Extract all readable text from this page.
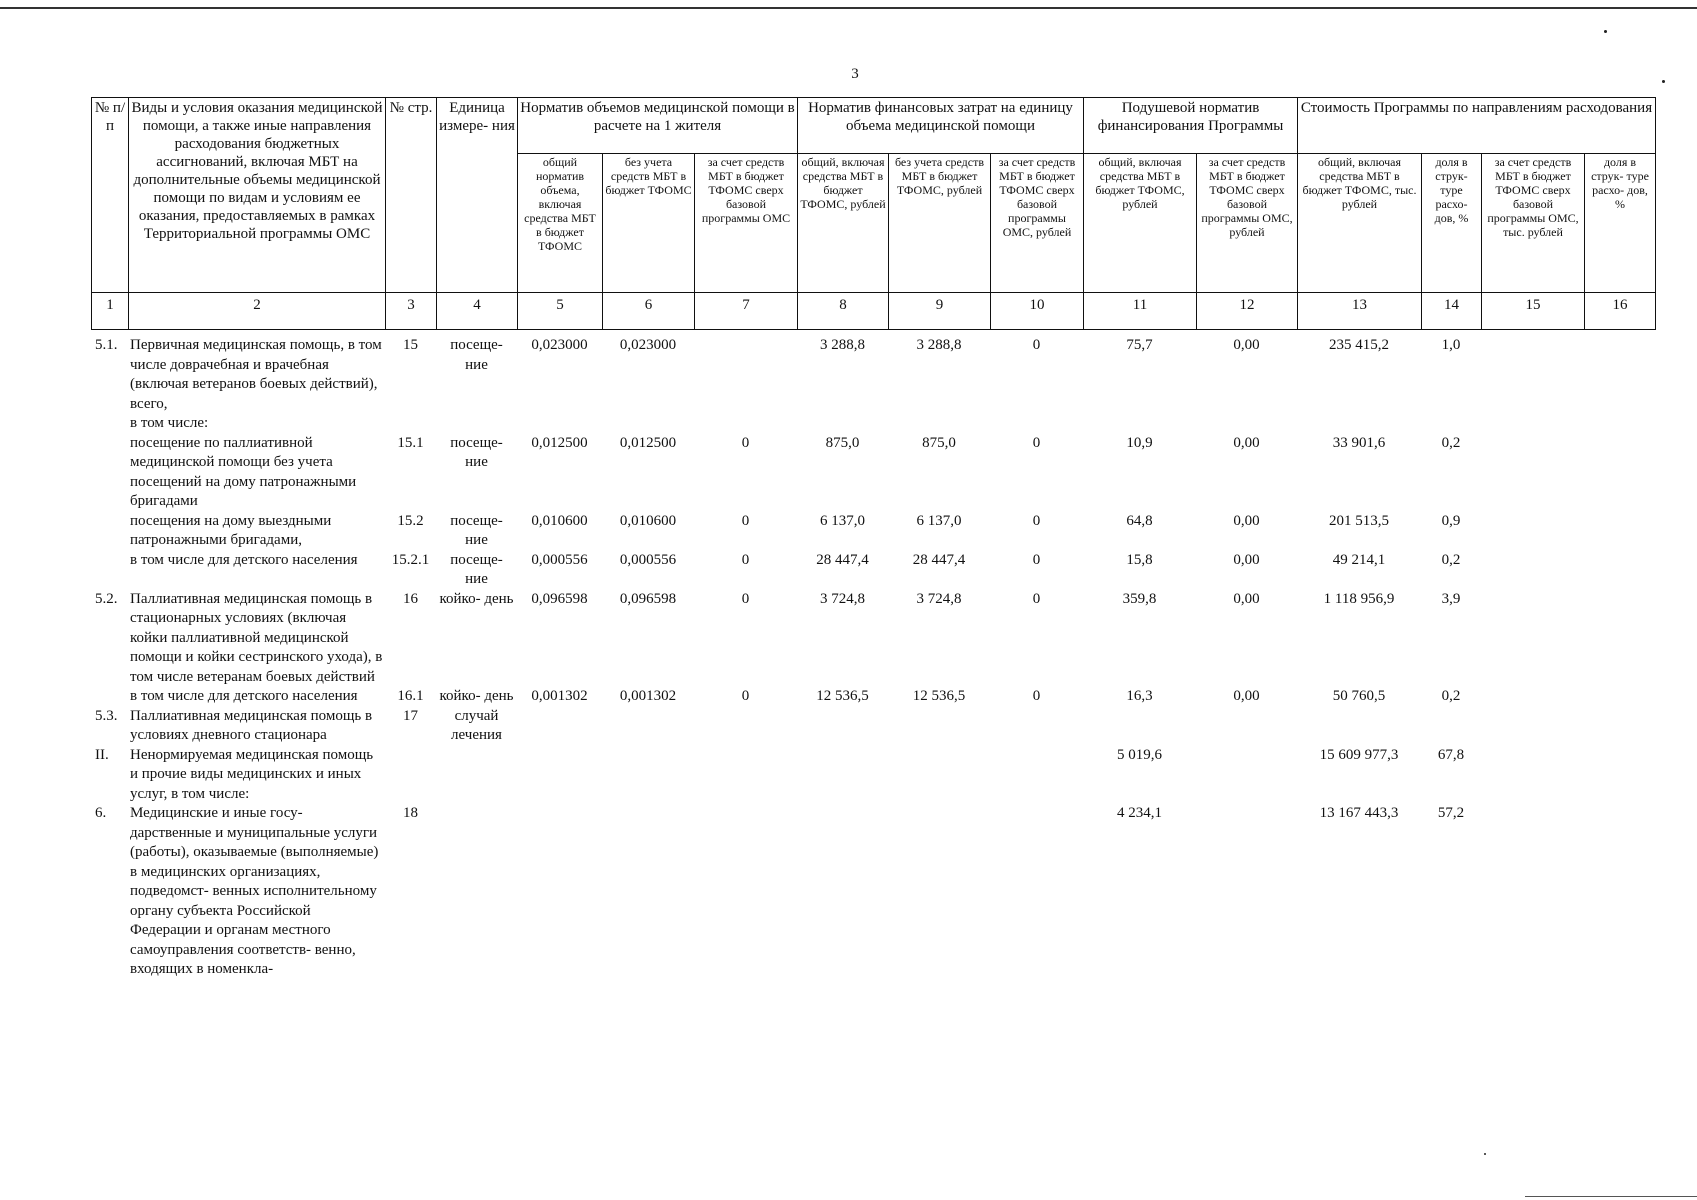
3
№ п/п	Виды и условия оказания медицинской помощи, а также иные направления расходования бюджетных ассигнований, включая МБТ на дополнительные объемы медицинской помощи по видам и условиям ее оказания, предоставляемых в рамках Территориальной программы ОМС	№ стр.	Единица измере- ния	Норматив объемов медицинской помощи в расчете на 1 жителя			Норматив финансовых затрат на единицу объема медицинской помощи			Подушевой норматив финансирования Программы		Стоимость Программы по направлениям расходования			
				общий норматив объема, включая средства МБТ в бюджет ТФОМС	без учета средств МБТ в бюджет ТФОМС	за счет средств МБТ в бюджет ТФОМС сверх базовой программы ОМС	общий, включая средства МБТ в бюджет ТФОМС, рублей	без учета средств МБТ в бюджет ТФОМС, рублей	за счет средств МБТ в бюджет ТФОМС сверх базовой программы ОМС, рублей	общий, включая средства МБТ в бюджет ТФОМС, рублей	за счет средств МБТ в бюджет ТФОМС сверх базовой программы ОМС, рублей	общий, включая средства МБТ в бюджет ТФОМС, тыс. рублей	доля в струк- туре расхо- дов, %	за счет средств МБТ в бюджет ТФОМС сверх базовой программы ОМС, тыс. рублей	доля в струк- туре расхо- дов, %
1	2	3	4	5	6	7	8	9	10	11	12	13	14	15	16
5.1.	Первичная медицинская помощь, в том числе доврачебная и врачебная (включая ветеранов боевых действий), всего,	15	посеще- ние	0,023000	0,023000		3 288,8	3 288,8	0	75,7	0,00	235 415,2	1,0		
	в том числе:														
	посещение по паллиативной медицинской помощи без учета посещений на дому патронажными бригадами	15.1	посеще- ние	0,012500	0,012500	0	875,0	875,0	0	10,9	0,00	33 901,6	0,2		
	посещения на дому выездными патронажными бригадами,	15.2	посеще- ние	0,010600	0,010600	0	6 137,0	6 137,0	0	64,8	0,00	201 513,5	0,9		
	в том числе для детского населения	15.2.1	посеще- ние	0,000556	0,000556	0	28 447,4	28 447,4	0	15,8	0,00	49 214,1	0,2		
5.2.	Паллиативная медицинская помощь в стационарных условиях (включая койки паллиативной медицинской помощи и койки сестринского ухода), в том числе ветеранам боевых действий	16	койко- день	0,096598	0,096598	0	3 724,8	3 724,8	0	359,8	0,00	1 118 956,9	3,9		
	в том числе для детского населения	16.1	койко- день	0,001302	0,001302	0	12 536,5	12 536,5	0	16,3	0,00	50 760,5	0,2		
5.3.	Паллиативная медицинская помощь в условиях дневного стационара	17	случай лечения												
II.	Ненормируемая медицинская помощь и прочие виды медицинских и иных услуг, в том числе:									5 019,6		15 609 977,3	67,8		
6.	Медицинские и иные госу- дарственные и муниципальные услуги (работы), оказываемые (выполняемые) в медицинских организациях, подведомст- венных исполнительному органу субъекта Российской Федерации и органам местного самоуправления соответств- венно, входящих в номенкла-	18								4 234,1		13 167 443,3	57,2		
